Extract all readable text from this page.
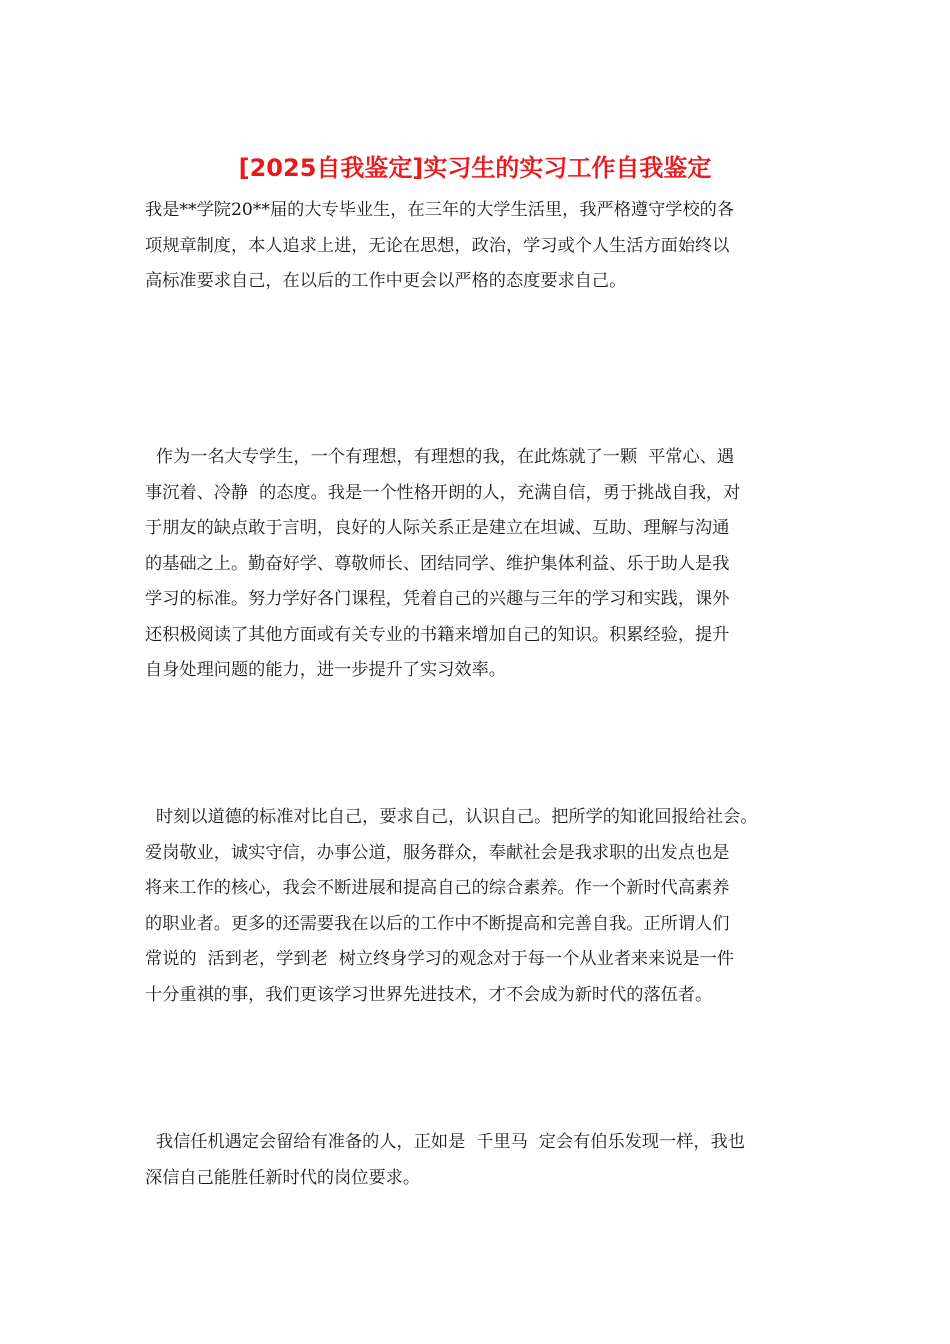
[2025自我鉴定]实习生的实习工作自我鉴定
我是**学院20**届的大专毕业生，在三年的大学生活里，我严格遵守学校的各
项规章制度，本人追求上进，无论在思想，政治，学习或个人生活方面始终以
高标准要求自己，在以后的工作中更会以严格的态度要求自己。
作为一名大专学生，一个有理想，有理想的我，在此炼就了一颗  平常心、遇
事沉着、冷静  的态度。我是一个性格开朗的人，充满自信，勇于挑战自我，对
于朋友的缺点敢于言明，良好的人际关系正是建立在坦诚、互助、理解与沟通
的基础之上。勤奋好学、尊敬师长、团结同学、维护集体利益、乐于助人是我
学习的标准。努力学好各门课程，凭着自己的兴趣与三年的学习和实践，课外
还积极阅读了其他方面或有关专业的书籍来增加自己的知识。积累经验，提升
自身处理问题的能力，进一步提升了实习效率。
时刻以道德的标准对比自己，要求自己，认识自己。把所学的知讹回报给社会。
爱岗敬业，诚实守信，办事公道，服务群众，奉献社会是我求职的出发点也是
将来工作的核心，我会不断进展和提高自己的综合素养。作一个新时代高素养
的职业者。更多的还需要我在以后的工作中不断提高和完善自我。正所谓人们
常说的  活到老，学到老  树立终身学习的观念对于每一个从业者来来说是一件
十分重祺的事，我们更该学习世界先进技术，才不会成为新时代的落伍者。
我信任机遇定会留给有准备的人，正如是  千里马  定会有伯乐发现一样，我也
深信自己能胜任新时代的岗位要求。
